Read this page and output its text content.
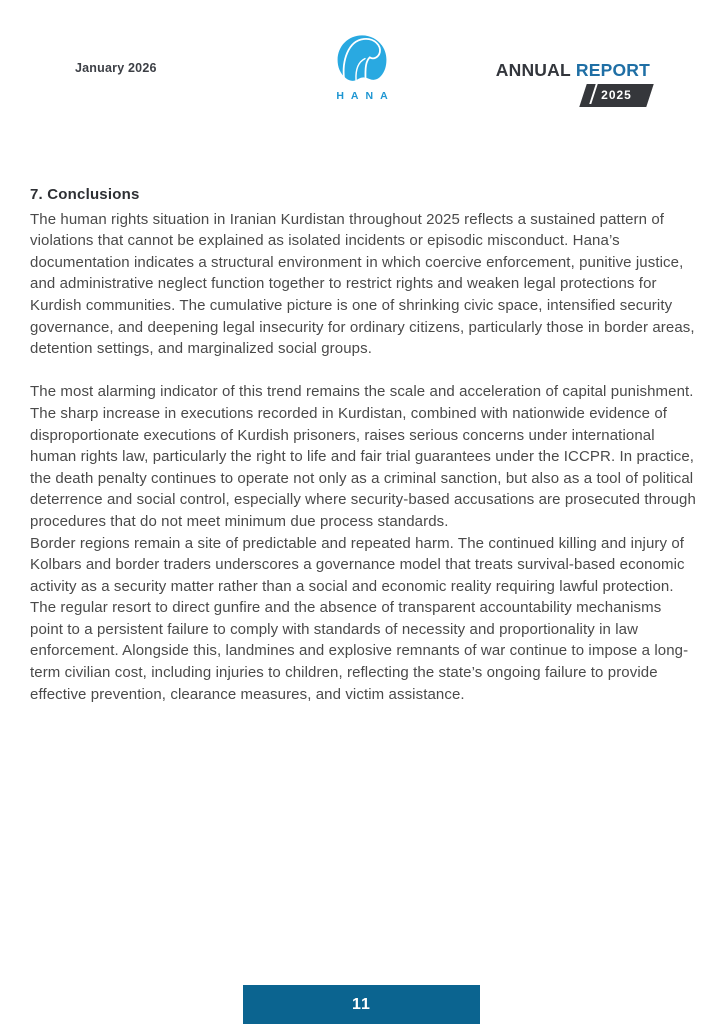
January 2026
HANA
ANNUAL REPORT
2025
7. Conclusions

The human rights situation in Iranian Kurdistan throughout 2025 reflects a sustained pattern of violations that cannot be explained as isolated incidents or episodic misconduct. Hana’s documentation indicates a structural environment in which coercive enforcement, punitive justice, and administrative neglect function together to restrict rights and weaken legal protections for Kurdish communities. The cumulative picture is one of shrinking civic space, intensified security governance, and deepening legal insecurity for ordinary citizens, particularly those in border areas, detention settings, and marginalized social groups.

The most alarming indicator of this trend remains the scale and acceleration of capital punishment. The sharp increase in executions recorded in Kurdistan, combined with nationwide evidence of disproportionate executions of Kurdish prisoners, raises serious concerns under international human rights law, particularly the right to life and fair trial guarantees under the ICCPR. In practice, the death penalty continues to operate not only as a criminal sanction, but also as a tool of political deterrence and social control, especially where security-based accusations are prosecuted through procedures that do not meet minimum due process standards.

Border regions remain a site of predictable and repeated harm. The continued killing and injury of Kolbars and border traders underscores a governance model that treats survival-based economic activity as a security matter rather than a social and economic reality requiring lawful protection. The regular resort to direct gunfire and the absence of transparent accountability mechanisms point to a persistent failure to comply with standards of necessity and proportionality in law enforcement. Alongside this, landmines and explosive remnants of war continue to impose a long-term civilian cost, including injuries to children, reflecting the state’s ongoing failure to provide effective prevention, clearance measures, and victim assistance.

11
